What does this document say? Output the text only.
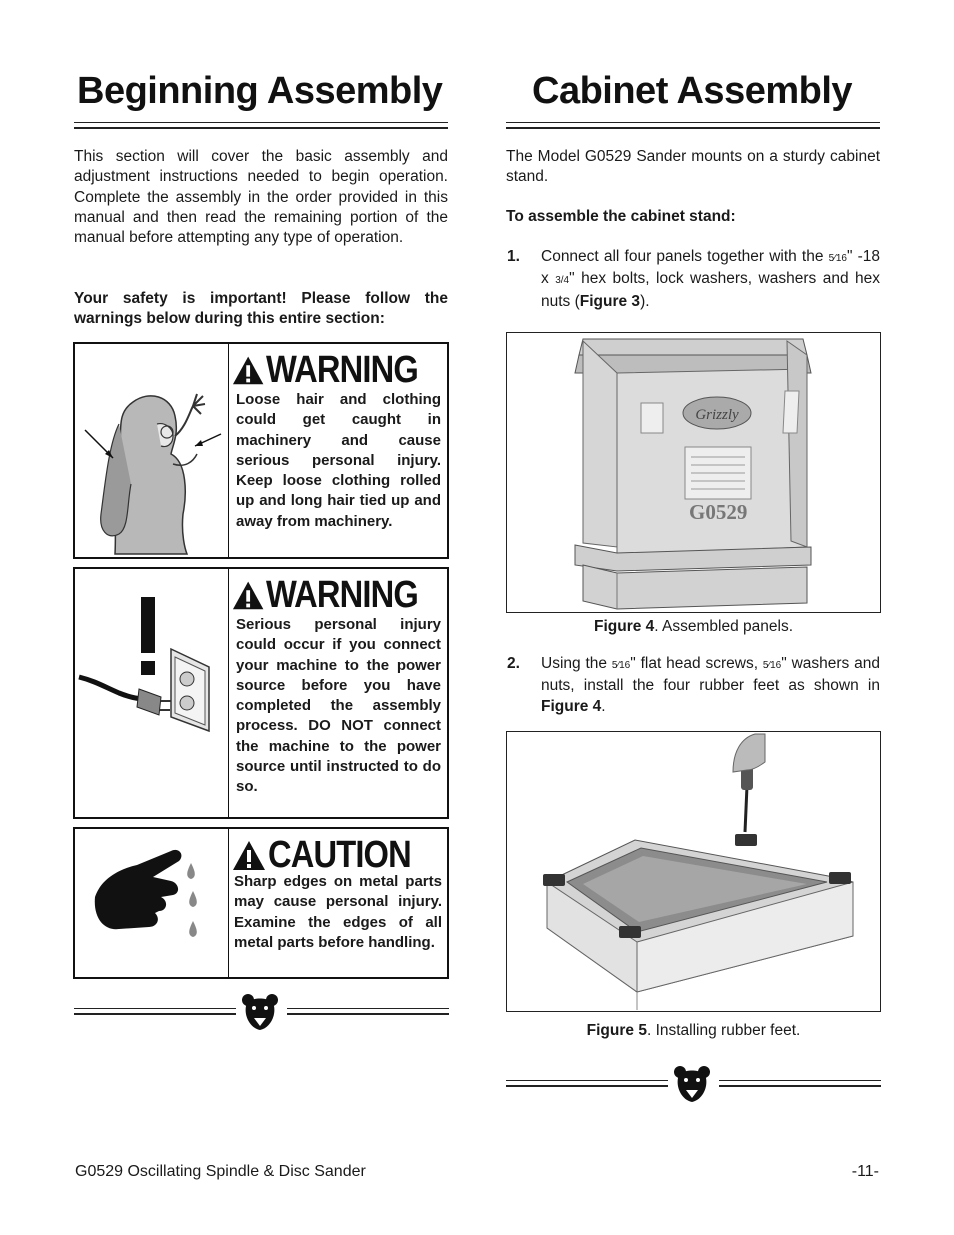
Beginning Assembly
This section will cover the basic assembly and adjustment instructions needed to begin operation. Complete the assembly in the order provided in this manual and then read the remaining portion of the manual before attempting any type of operation.
Your safety is important! Please follow the warnings below during this entire section:
WARNING
Loose hair and clothing could get caught in machinery and cause serious personal injury. Keep loose clothing rolled up and long hair tied up and away from machinery.
WARNING
Serious personal injury could occur if you connect your machine to the power source before you have completed the assembly process. DO NOT connect the machine to the power source until instructed to do so.
CAUTION
Sharp edges on metal parts may cause personal injury. Examine the edges of all metal parts before handling.
Cabinet Assembly
The Model G0529 Sander mounts on a sturdy cabinet stand.
To assemble the cabinet stand:
1. Connect all four panels together with the 5⁄16" -18 x 3/4" hex bolts, lock washers, washers and hex nuts (Figure 3).
Grizzly
G0529
Figure 4. Assembled panels.
2. Using the 5⁄16" flat head screws, 5⁄16" washers and nuts, install the four rubber feet as shown in Figure 4.
Figure 5. Installing rubber feet.
G0529 Oscillating Spindle & Disc Sander	-11-
